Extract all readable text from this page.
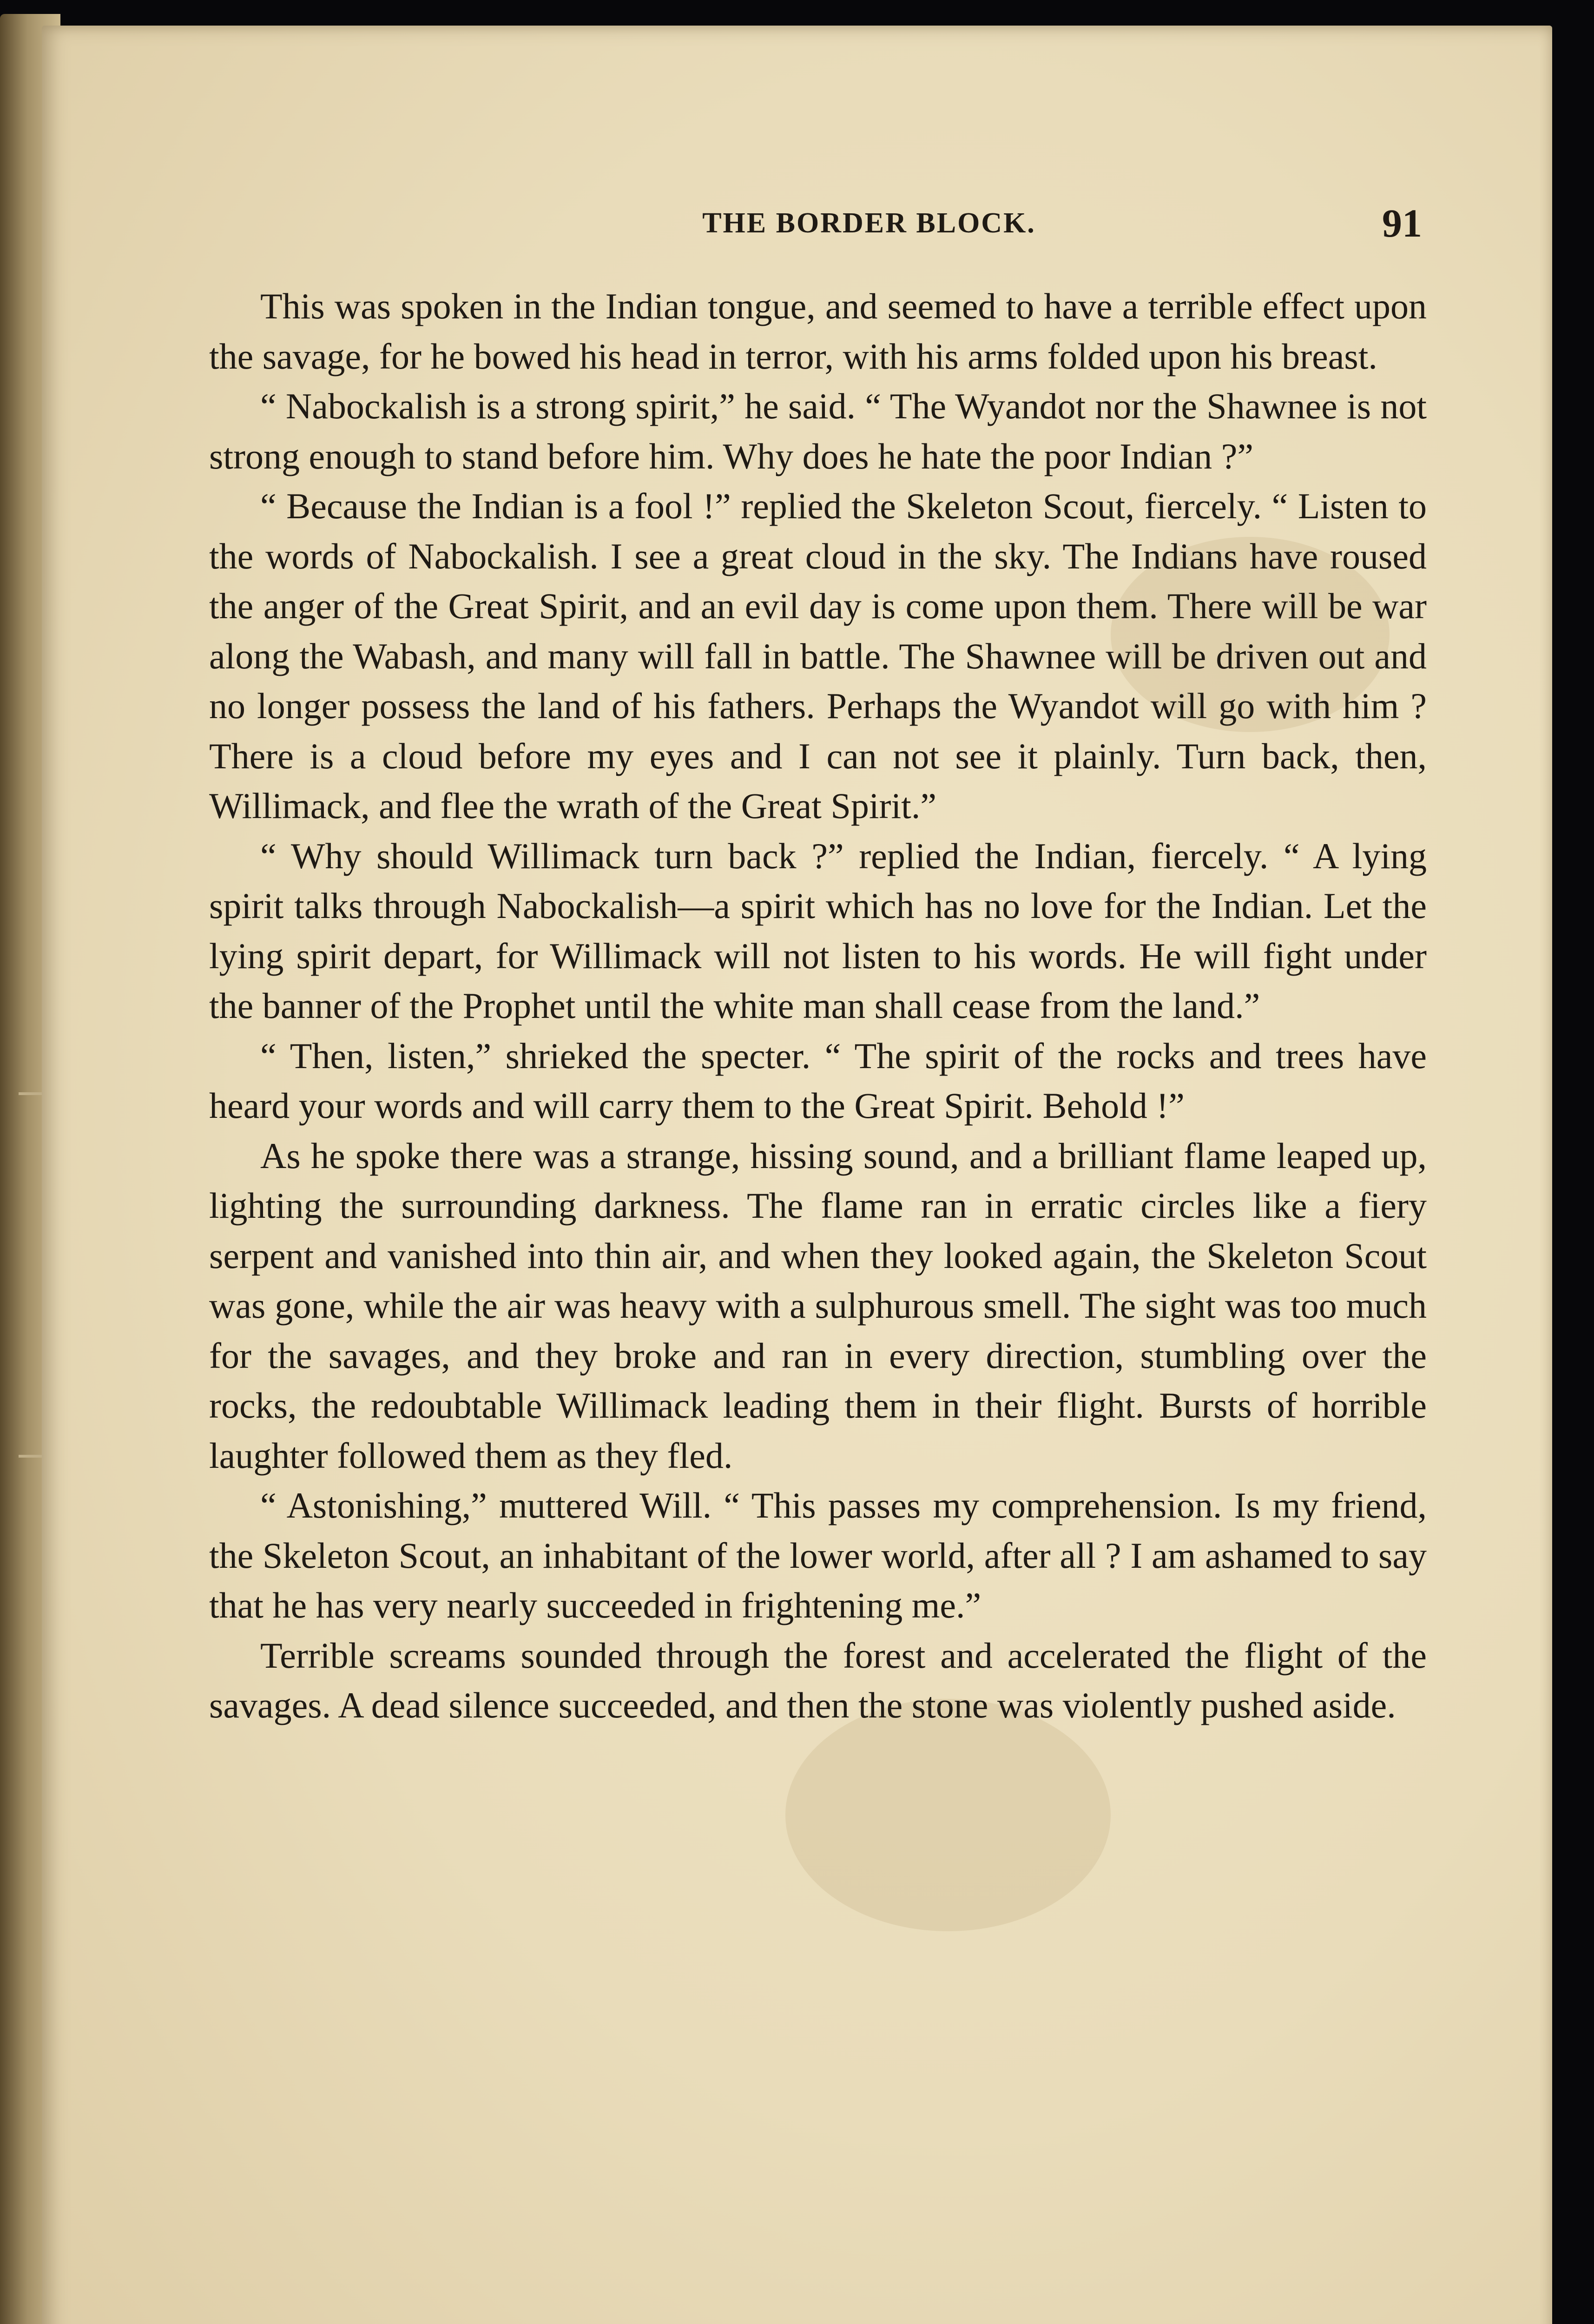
THE BORDER BLOCK.	91

This was spoken in the Indian tongue, and seemed to have a terrible effect upon the savage, for he bowed his head in terror, with his arms folded upon his breast.

“ Nabockalish is a strong spirit,” he said. “ The Wyandot nor the Shawnee is not strong enough to stand before him. Why does he hate the poor Indian ?”

“ Because the Indian is a fool !” replied the Skeleton Scout, fiercely. “ Listen to the words of Nabockalish. I see a great cloud in the sky. The Indians have roused the anger of the Great Spirit, and an evil day is come upon them. There will be war along the Wabash, and many will fall in battle. The Shawnee will be driven out and no longer possess the land of his fathers. Perhaps the Wyandot will go with him ? There is a cloud before my eyes and I can not see it plainly. Turn back, then, Willimack, and flee the wrath of the Great Spirit.”

“ Why should Willimack turn back ?” replied the Indian, fiercely. “ A lying spirit talks through Nabockalish—a spirit which has no love for the Indian. Let the lying spirit depart, for Willimack will not listen to his words. He will fight under the banner of the Prophet until the white man shall cease from the land.”

“ Then, listen,” shrieked the specter. “ The spirit of the rocks and trees have heard your words and will carry them to the Great Spirit. Behold !”

As he spoke there was a strange, hissing sound, and a brilliant flame leaped up, lighting the surrounding darkness. The flame ran in erratic circles like a fiery serpent and vanished into thin air, and when they looked again, the Skeleton Scout was gone, while the air was heavy with a sulphurous smell. The sight was too much for the savages, and they broke and ran in every direction, stumbling over the rocks, the redoubtable Willimack leading them in their flight. Bursts of horrible laughter followed them as they fled.

“ Astonishing,” muttered Will. “ This passes my comprehension. Is my friend, the Skeleton Scout, an inhabitant of the lower world, after all ? I am ashamed to say that he has very nearly succeeded in frightening me.”

Terrible screams sounded through the forest and accelerated the flight of the savages. A dead silence succeeded, and then the stone was violently pushed aside.
